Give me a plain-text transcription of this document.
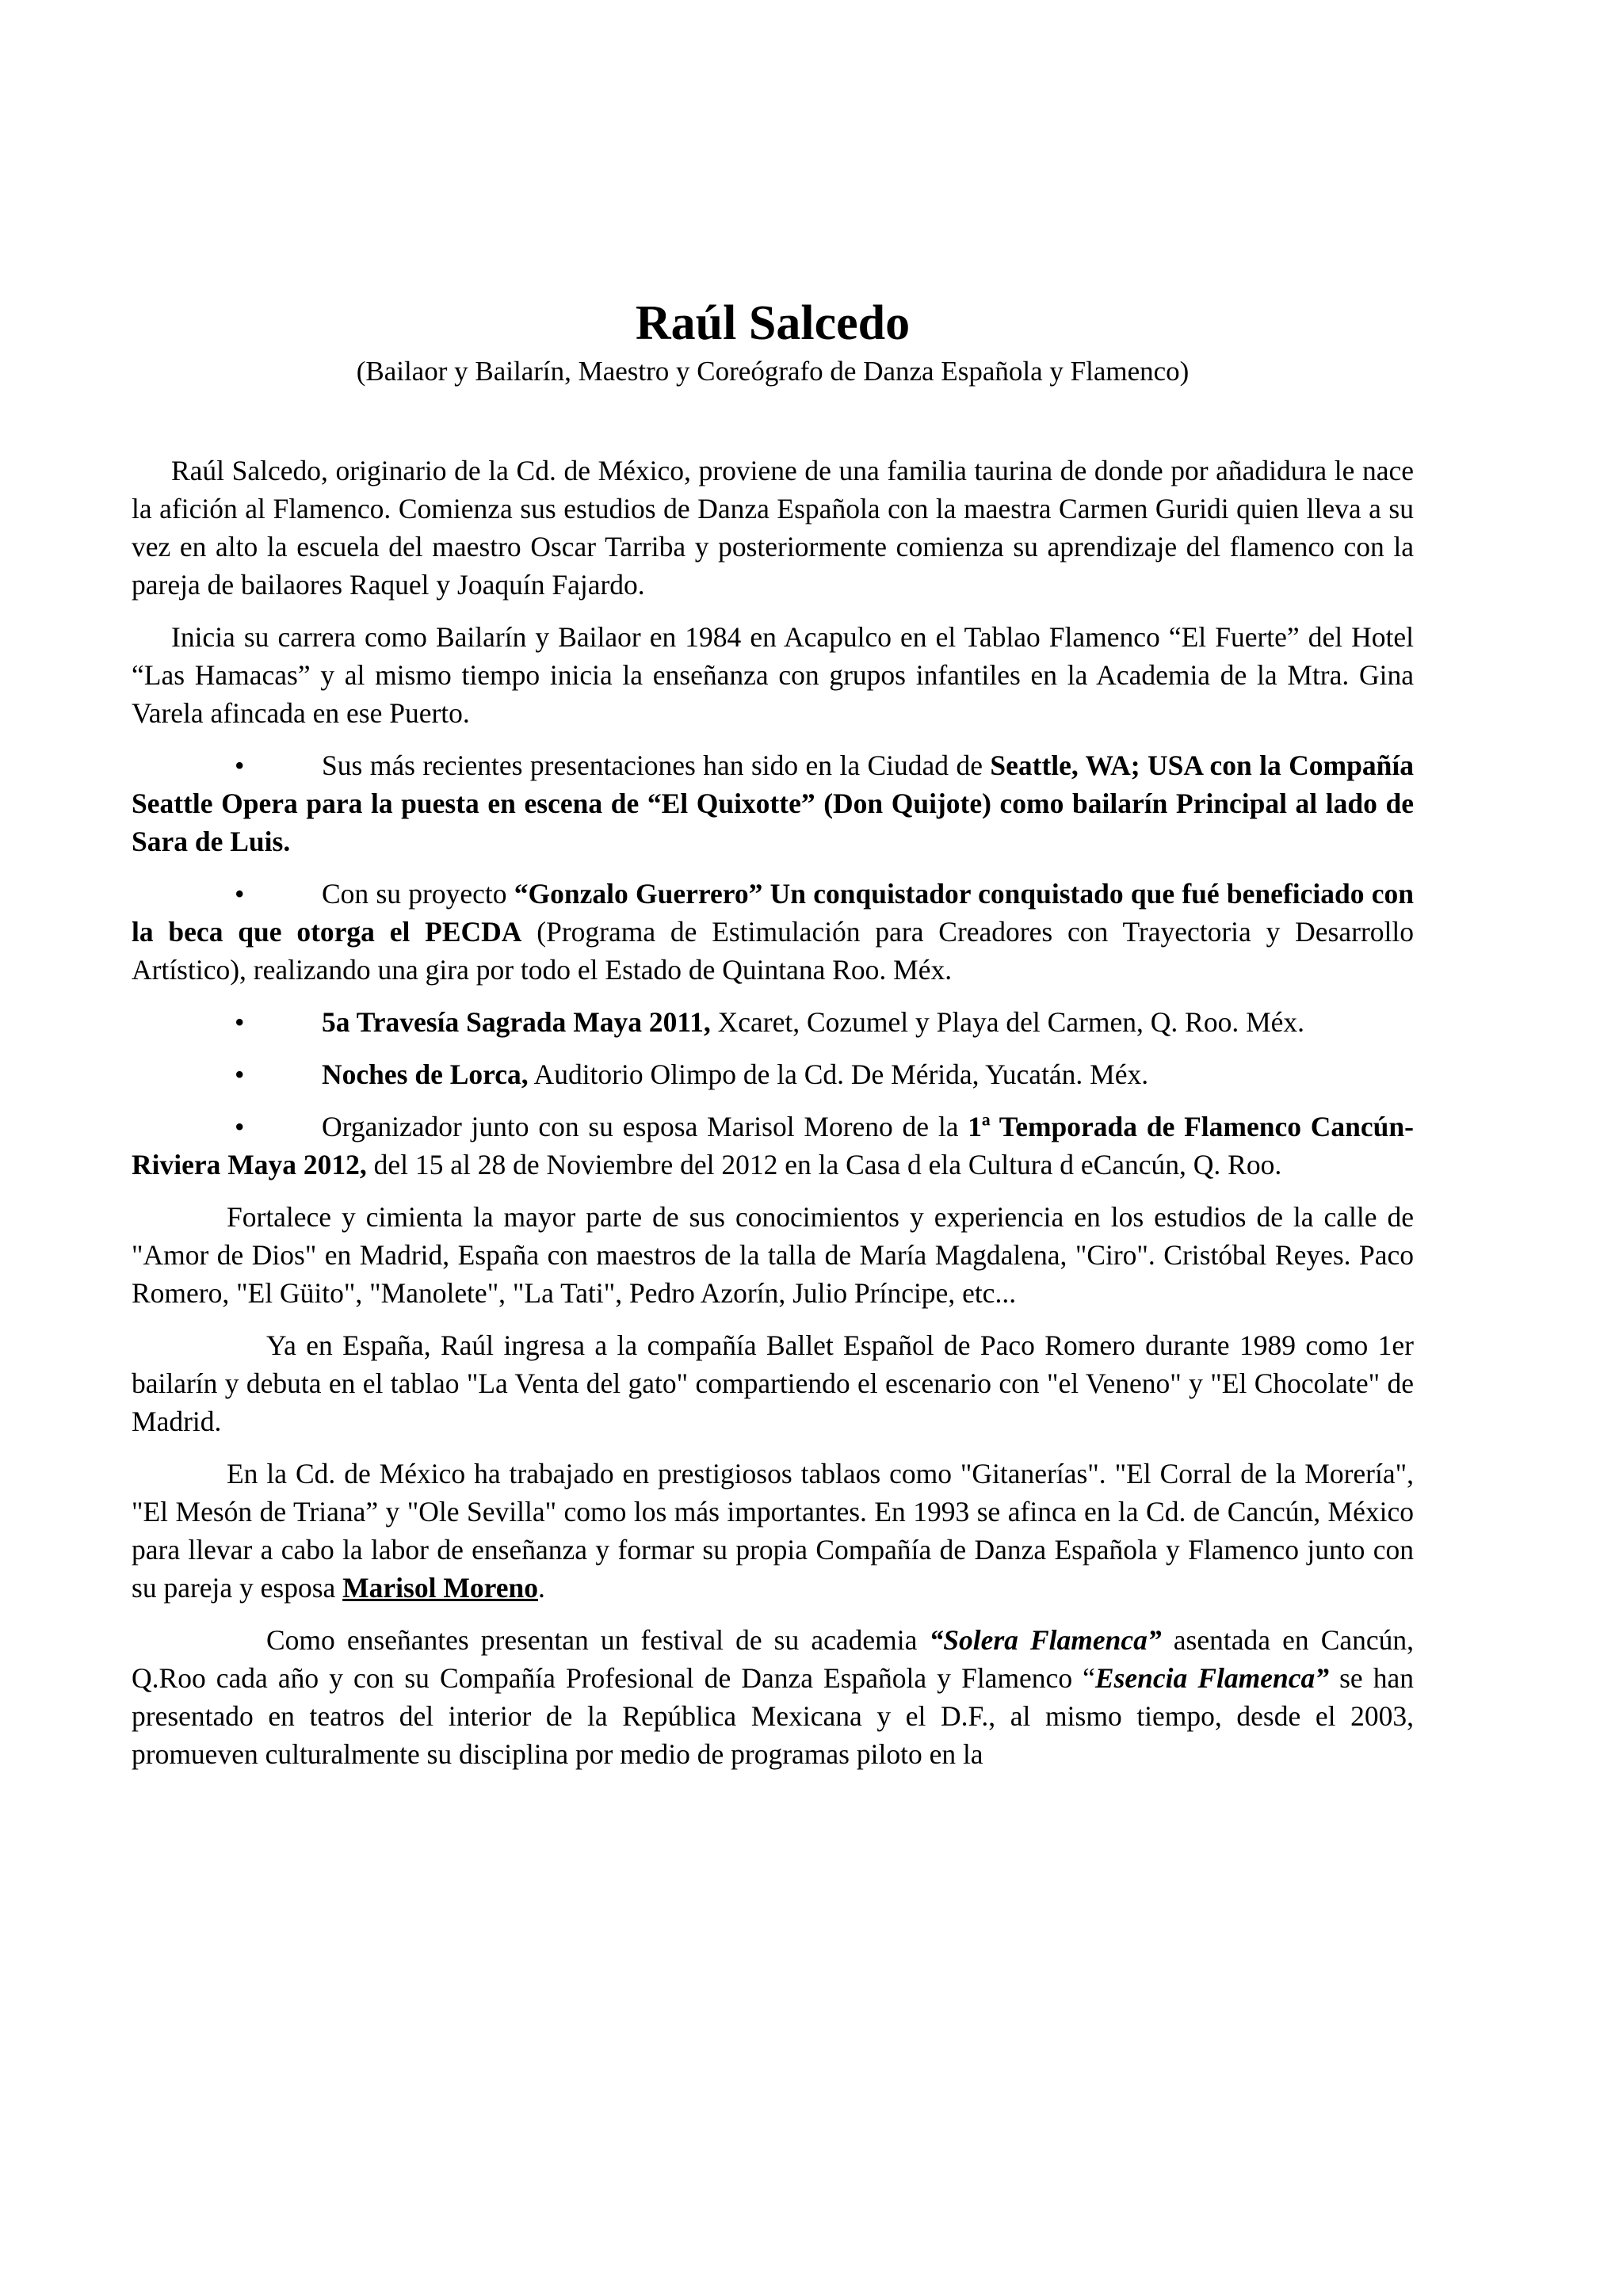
Raúl Salcedo
(Bailaor y Bailarín, Maestro y Coreógrafo de Danza Española y Flamenco)

Raúl Salcedo, originario de la Cd. de México, proviene de una familia taurina de donde por añadidura le nace la afición al Flamenco. Comienza sus estudios de Danza Española con la maestra Carmen Guridi quien lleva a su vez en alto la escuela del maestro Oscar Tarriba y posteriormente comienza su aprendizaje del flamenco con la pareja de bailaores Raquel y Joaquín Fajardo.

Inicia su carrera como Bailarín y Bailaor en 1984 en Acapulco en el Tablao Flamenco “El Fuerte” del Hotel “Las Hamacas” y al mismo tiempo inicia la enseñanza con grupos infantiles en la Academia de la Mtra. Gina Varela afincada en ese Puerto.

•	Sus más recientes presentaciones han sido en la Ciudad de Seattle, WA; USA con la Compañía Seattle Opera para la puesta en escena de “El Quixotte” (Don Quijote) como bailarín Principal al lado de Sara de Luis.

•	Con su proyecto “Gonzalo Guerrero” Un conquistador conquistado que fué beneficiado con la beca que otorga el PECDA (Programa de Estimulación para Creadores con Trayectoria y Desarrollo Artístico), realizando una gira por todo el Estado de Quintana Roo. Méx.

•	5a Travesía Sagrada Maya 2011, Xcaret, Cozumel y Playa del Carmen, Q. Roo. Méx.

•	Noches de Lorca, Auditorio Olimpo de la Cd. De Mérida, Yucatán. Méx.

•	Organizador junto con su esposa Marisol Moreno de la 1ª Temporada de Flamenco Cancún-Riviera Maya 2012, del 15 al 28 de Noviembre del 2012 en la Casa d ela Cultura d eCancún, Q. Roo.

Fortalece y cimienta la mayor parte de sus conocimientos y experiencia en los estudios de la calle de "Amor de Dios" en Madrid, España con maestros de la talla de María Magdalena, "Ciro". Cristóbal Reyes. Paco Romero, "El Güito", "Manolete", "La Tati", Pedro Azorín, Julio Príncipe, etc...

Ya en España, Raúl ingresa a la compañía Ballet Español de Paco Romero durante 1989 como 1er bailarín y debuta en el tablao "La Venta del gato" compartiendo el escenario con "el Veneno" y "El Chocolate" de Madrid.

En la Cd. de México ha trabajado en prestigiosos tablaos como "Gitanerías". "El Corral de la Morería", "El Mesón de Triana” y "Ole Sevilla" como los más importantes. En 1993 se afinca en la Cd. de Cancún, México para llevar a cabo la labor de enseñanza y formar su propia Compañía de Danza Española y Flamenco junto con su pareja y esposa Marisol Moreno.

Como enseñantes presentan un festival de su academia “Solera Flamenca” asentada en Cancún, Q.Roo cada año y con su Compañía Profesional de Danza Española y Flamenco “Esencia Flamenca” se han presentado en teatros del interior de la República Mexicana y el D.F., al mismo tiempo, desde el 2003, promueven culturalmente su disciplina por medio de programas piloto en la
